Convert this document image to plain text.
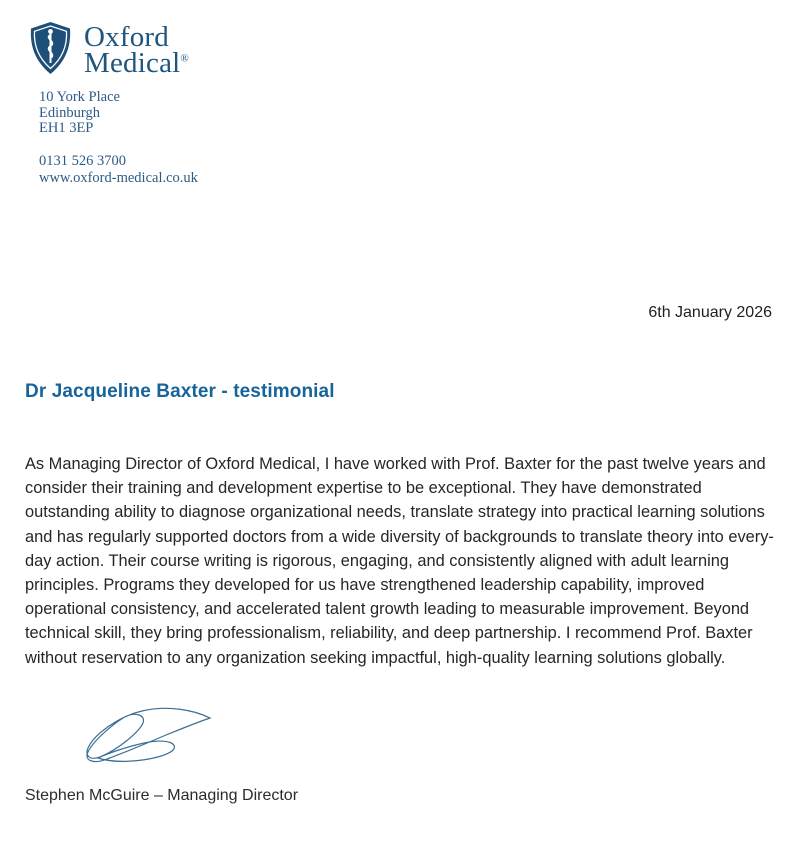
Oxford
Medical®
10 York Place
Edinburgh
EH1 3EP
0131 526 3700
www.oxford-medical.co.uk
6th January 2026
Dr Jacqueline Baxter - testimonial

As Managing Director of Oxford Medical, I have worked with Prof. Baxter for the past twelve years and consider their training and development expertise to be exceptional. They have demonstrated outstanding ability to diagnose organizational needs, translate strategy into practical learning solutions and has regularly supported doctors from a wide diversity of backgrounds to translate theory into every-day action. Their course writing is rigorous, engaging, and consistently aligned with adult learning principles. Programs they developed for us have strengthened leadership capability, improved operational consistency, and accelerated talent growth leading to measurable improvement. Beyond technical skill, they bring professionalism, reliability, and deep partnership. I recommend Prof. Baxter without reservation to any organization seeking impactful, high-quality learning solutions globally.

Stephen McGuire – Managing Director
